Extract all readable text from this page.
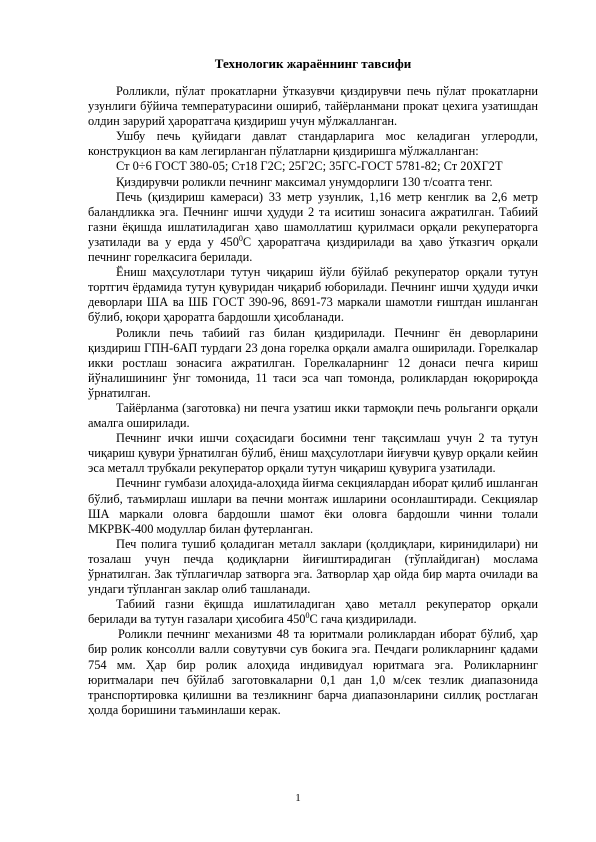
Технологик жараённинг тавсифи

Ролликли, пўлат прокатларни ўтказувчи қиздирувчи печь пўлат прокатларни узунлиги бўйича температурасини ошириб, тайёрланмани прокат цехига узатишдан олдин зарурий ҳароратгача қиздириш учун мўлжалланган.

Ушбу печь қуйидаги давлат стандарларига мос келадиган углеродли, конструкцион ва кам легирланган пўлатларни қиздиришга мўлжалланган:

Ст 0÷6 ГОСТ 380-05; Ст18 Г2С; 25Г2С; 35ГС-ГОСТ 5781-82; Ст 20ХГ2Т

Қиздирувчи роликли печнинг максимал унумдорлиги 130 т/соатга тенг.

Печь (қиздириш камераси) 33 метр узунлик, 1,16 метр кенглик ва 2,6 метр баландликка эга. Печнинг ишчи ҳудуди 2 та иситиш зонасига ажратилган. Табиий газни ёқишда ишлатиладиган ҳаво шамоллатиш қурилмаси орқали рекуператорга узатилади ва у ерда у $450^0С$ ҳароратгача қиздирилади ва ҳаво ўтказгич орқали печнинг горелкасига берилади.

Ёниш маҳсулотлари тутун чиқариш йўли бўйлаб рекуператор орқали тутун тортгич ёрдамида тутун қувуридан чиқариб юборилади. Печнинг ишчи ҳудуди ички деворлари ША ва ШБ ГОСТ 390-96, 8691-73 маркали шамотли ғиштдан ишланган бўлиб, юқори ҳароратга бардошли ҳисобланади.

Роликли печь табиий газ билан қиздирилади. Печнинг ён деворларини қиздириш ГПН-6АП турдаги 23 дона горелка орқали амалга оширилади. Горелкалар икки ростлаш зонасига ажратилган. Горелкаларнинг 12 донаси печга кириш йўналишининг ўнг томонида, 11 таси эса чап томонда, роликлардан юқорироқда ўрнатилган.

Тайёрланма (заготовка) ни печга узатиш икки тармоқли печь рольганги орқали амалга оширилади.

Печнинг ички ишчи соҳасидаги босимни тенг тақсимлаш учун 2 та тутун чиқариш қувури ўрнатилган бўлиб, ёниш маҳсулотлари йиғувчи қувур орқали кейин эса металл трубкали рекуператор орқали тутун чиқариш қувурига узатилади.

Печнинг гумбази алоҳида-алоҳида йиғма секциялардан иборат қилиб ишланган бўлиб, таъмирлаш ишлари ва печни монтаж ишларини осонлаштиради. Секциялар ША маркали оловга бардошли шамот ёки оловга бардошли чинни толали МКРВК-400 модуллар билан футерланган.

Печ полига тушиб қоладиган металл заклари (қолдиқлари, киринидилари) ни тозалаш учун печда қодиқларни йиғиштирадиган (тўплайдиган) мослама ўрнатилган. Зак тўплагичлар затворга эга. Затворлар ҳар ойда бир марта очилади ва ундаги тўпланган заклар олиб ташланади.

Табиий газни ёқишда ишлатиладиган ҳаво металл рекуператор орқали берилади ва тутун газалари ҳисобига $450^0С$ гача қиздирилади.

Роликли печнинг механизми 48 та юритмали роликлардан иборат бўлиб, ҳар бир ролик консолли валли совутувчи сув бокига эга. Печдаги роликларнинг қадами 754 мм. Ҳар бир ролик алоҳида индивидуал юритмага эга. Роликларнинг юритмалари печ бўйлаб заготовкаларни 0,1 дан 1,0 м/сек тезлик диапазонида транспортировка қилишни ва тезликнинг барча диапазонларини силлиқ ростлаган ҳолда боришини таъминлаши керак.

1
